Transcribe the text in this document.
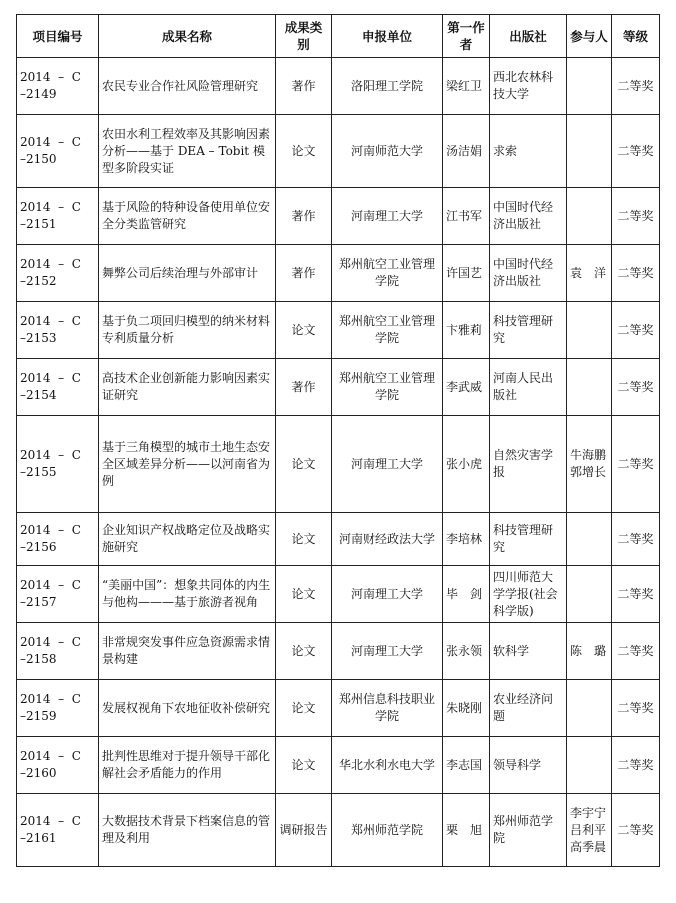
项目编号	成果名称	成果类别	申报单位	第一作者	出版社	参与人	等级

2014  –  C
–2149	农民专业合作社风险管理研究	著作	洛阳理工学院	梁红卫	西北农林科技大学		二等奖

2014  –  C
–2150	农田水利工程效率及其影响因素分析——基于 DEA – Tobit 模型多阶段实证	论文	河南师范大学	汤洁娟	求索		二等奖

2014  –  C
–2151	基于风险的特种设备使用单位安全分类监管研究	著作	河南理工大学	江书军	中国时代经济出版社		二等奖

2014  –  C
–2152	舞弊公司后续治理与外部审计	著作	郑州航空工业管理学院	许国艺	中国时代经济出版社	袁　洋	二等奖

2014  –  C
–2153	基于负二项回归模型的纳米材料专利质量分析	论文	郑州航空工业管理学院	卞雅莉	科技管理研究		二等奖

2014  –  C
–2154	高技术企业创新能力影响因素实证研究	著作	郑州航空工业管理学院	李武威	河南人民出版社		二等奖

2014  –  C
–2155	基于三角模型的城市土地生态安全区域差异分析——以河南省为例	论文	河南理工大学	张小虎	自然灾害学报	牛海鹏郭增长	二等奖

2014  –  C
–2156	企业知识产权战略定位及战略实施研究	论文	河南财经政法大学	李培林	科技管理研究		二等奖

2014  –  C
–2157	“美丽中国”：想象共同体的内生与他构———基于旅游者视角	论文	河南理工大学	毕　剑	四川师范大学学报(社会科学版)		二等奖

2014  –  C
–2158	非常规突发事件应急资源需求情景构建	论文	河南理工大学	张永领	软科学	陈　璐	二等奖

2014  –  C
–2159	发展权视角下农地征收补偿研究	论文	郑州信息科技职业学院	朱晓刚	农业经济问题		二等奖

2014  –  C
–2160	批判性思维对于提升领导干部化解社会矛盾能力的作用	论文	华北水利水电大学	李志国	领导科学		二等奖

2014  –  C
–2161	大数据技术背景下档案信息的管理及利用	调研报告	郑州师范学院	栗　旭	郑州师范学院	李宇宁吕利平高季晨	二等奖
